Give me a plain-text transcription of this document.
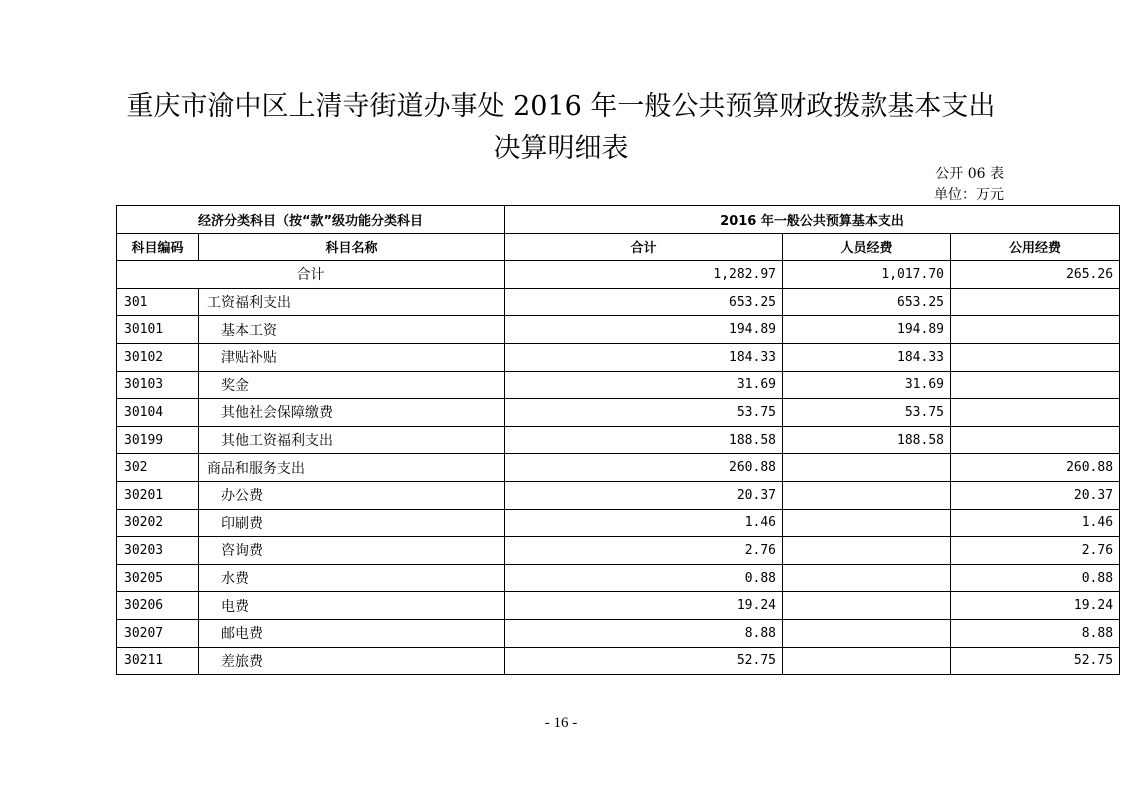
重庆市渝中区上清寺街道办事处 2016 年一般公共预算财政拨款基本支出
决算明细表
公开 06 表
单位：万元
经济分类科目（按“款”级功能分类科目		2016 年一般公共预算基本支出		
科目编码	科目名称	合计	人员经费	公用经费
合计		1,282.97	1,017.70	265.26
301	工资福利支出	653.25	653.25	
30101	基本工资	194.89	194.89	
30102	津贴补贴	184.33	184.33	
30103	奖金	31.69	31.69	
30104	其他社会保障缴费	53.75	53.75	
30199	其他工资福利支出	188.58	188.58	
302	商品和服务支出	260.88		260.88
30201	办公费	20.37		20.37
30202	印刷费	1.46		1.46
30203	咨询费	2.76		2.76
30205	水费	0.88		0.88
30206	电费	19.24		19.24
30207	邮电费	8.88		8.88
30211	差旅费	52.75		52.75
- 16 -
